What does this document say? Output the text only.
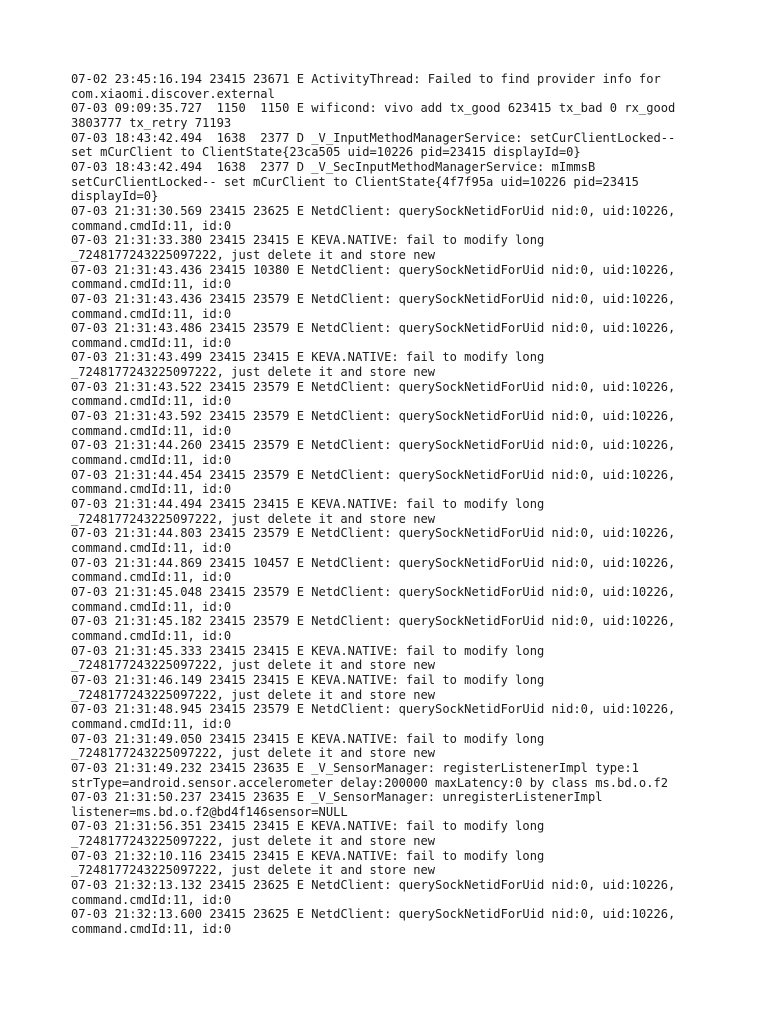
07-02 23:45:16.194 23415 23671 E ActivityThread: Failed to find provider info for
com.xiaomi.discover.external
07-03 09:09:35.727  1150  1150 E wificond: vivo add tx_good 623415 tx_bad 0 rx_good
3803777 tx_retry 71193
07-03 18:43:42.494  1638  2377 D _V_InputMethodManagerService: setCurClientLocked--
set mCurClient to ClientState{23ca505 uid=10226 pid=23415 displayId=0}
07-03 18:43:42.494  1638  2377 D _V_SecInputMethodManagerService: mImmsB
setCurClientLocked-- set mCurClient to ClientState{4f7f95a uid=10226 pid=23415
displayId=0}
07-03 21:31:30.569 23415 23625 E NetdClient: querySockNetidForUid nid:0, uid:10226,
command.cmdId:11, id:0
07-03 21:31:33.380 23415 23415 E KEVA.NATIVE: fail to modify long
_7248177243225097222, just delete it and store new
07-03 21:31:43.436 23415 10380 E NetdClient: querySockNetidForUid nid:0, uid:10226,
command.cmdId:11, id:0
07-03 21:31:43.436 23415 23579 E NetdClient: querySockNetidForUid nid:0, uid:10226,
command.cmdId:11, id:0
07-03 21:31:43.486 23415 23579 E NetdClient: querySockNetidForUid nid:0, uid:10226,
command.cmdId:11, id:0
07-03 21:31:43.499 23415 23415 E KEVA.NATIVE: fail to modify long
_7248177243225097222, just delete it and store new
07-03 21:31:43.522 23415 23579 E NetdClient: querySockNetidForUid nid:0, uid:10226,
command.cmdId:11, id:0
07-03 21:31:43.592 23415 23579 E NetdClient: querySockNetidForUid nid:0, uid:10226,
command.cmdId:11, id:0
07-03 21:31:44.260 23415 23579 E NetdClient: querySockNetidForUid nid:0, uid:10226,
command.cmdId:11, id:0
07-03 21:31:44.454 23415 23579 E NetdClient: querySockNetidForUid nid:0, uid:10226,
command.cmdId:11, id:0
07-03 21:31:44.494 23415 23415 E KEVA.NATIVE: fail to modify long
_7248177243225097222, just delete it and store new
07-03 21:31:44.803 23415 23579 E NetdClient: querySockNetidForUid nid:0, uid:10226,
command.cmdId:11, id:0
07-03 21:31:44.869 23415 10457 E NetdClient: querySockNetidForUid nid:0, uid:10226,
command.cmdId:11, id:0
07-03 21:31:45.048 23415 23579 E NetdClient: querySockNetidForUid nid:0, uid:10226,
command.cmdId:11, id:0
07-03 21:31:45.182 23415 23579 E NetdClient: querySockNetidForUid nid:0, uid:10226,
command.cmdId:11, id:0
07-03 21:31:45.333 23415 23415 E KEVA.NATIVE: fail to modify long
_7248177243225097222, just delete it and store new
07-03 21:31:46.149 23415 23415 E KEVA.NATIVE: fail to modify long
_7248177243225097222, just delete it and store new
07-03 21:31:48.945 23415 23579 E NetdClient: querySockNetidForUid nid:0, uid:10226,
command.cmdId:11, id:0
07-03 21:31:49.050 23415 23415 E KEVA.NATIVE: fail to modify long
_7248177243225097222, just delete it and store new
07-03 21:31:49.232 23415 23635 E _V_SensorManager: registerListenerImpl type:1
strType=android.sensor.accelerometer delay:200000 maxLatency:0 by class ms.bd.o.f2
07-03 21:31:50.237 23415 23635 E _V_SensorManager: unregisterListenerImpl
listener=ms.bd.o.f2@bd4f146sensor=NULL
07-03 21:31:56.351 23415 23415 E KEVA.NATIVE: fail to modify long
_7248177243225097222, just delete it and store new
07-03 21:32:10.116 23415 23415 E KEVA.NATIVE: fail to modify long
_7248177243225097222, just delete it and store new
07-03 21:32:13.132 23415 23625 E NetdClient: querySockNetidForUid nid:0, uid:10226,
command.cmdId:11, id:0
07-03 21:32:13.600 23415 23625 E NetdClient: querySockNetidForUid nid:0, uid:10226,
command.cmdId:11, id:0
